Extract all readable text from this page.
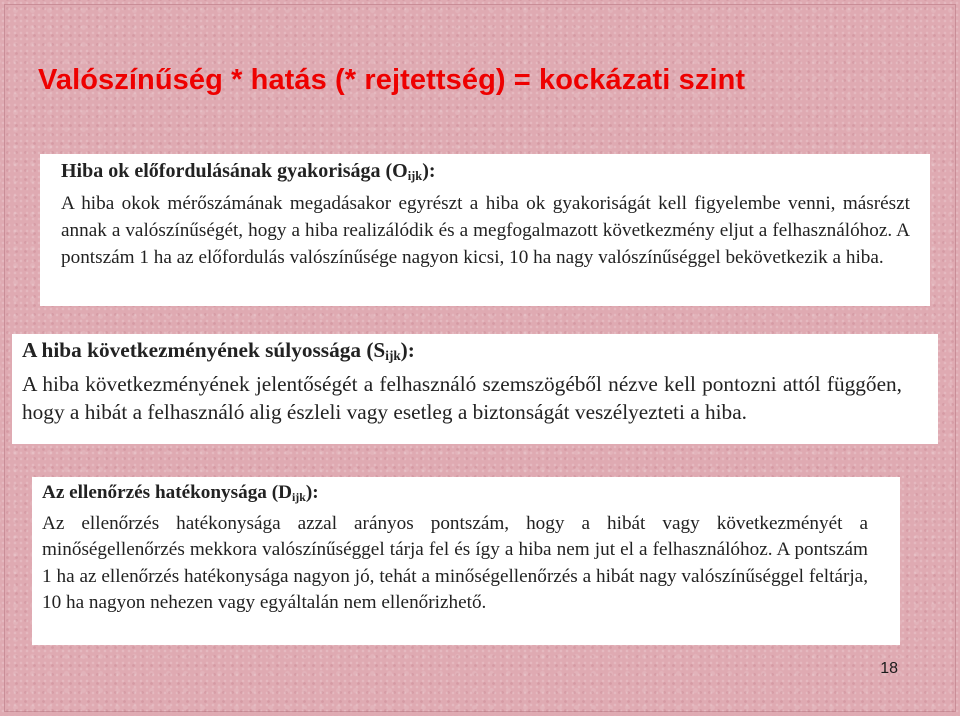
Valószínűség * hatás (* rejtettség) = kockázati szint

Hiba ok előfordulásának gyakorisága $(O_{ijk})$:

A hiba okok mérőszámának megadásakor egyrészt a hiba ok gyakoriságát kell figyelembe venni, másrészt annak a valószínűségét, hogy a hiba realizálódik és a megfogalmazott következmény eljut a felhasználóhoz. A pontszám 1 ha az előfordulás valószínűsége nagyon kicsi, 10 ha nagy valószínűséggel bekövetkezik a hiba.

A hiba következményének súlyossága $(S_{ijk})$:

A hiba következményének jelentőségét a felhasználó szemszögéből nézve kell pontozni attól függően, hogy a hibát a felhasználó alig észleli vagy esetleg a biztonságát veszélyezteti a hiba.

Az ellenőrzés hatékonysága $(D_{ijk})$:

Az ellenőrzés hatékonysága azzal arányos pontszám, hogy a hibát vagy következményét a minőségellenőrzés mekkora valószínűséggel tárja fel és így a hiba nem jut el a felhasználóhoz. A pontszám 1 ha az ellenőrzés hatékonysága nagyon jó, tehát a minőségellenőrzés a hibát nagy valószínűséggel feltárja, 10 ha nagyon nehezen vagy egyáltalán nem ellenőrizhető.

18
